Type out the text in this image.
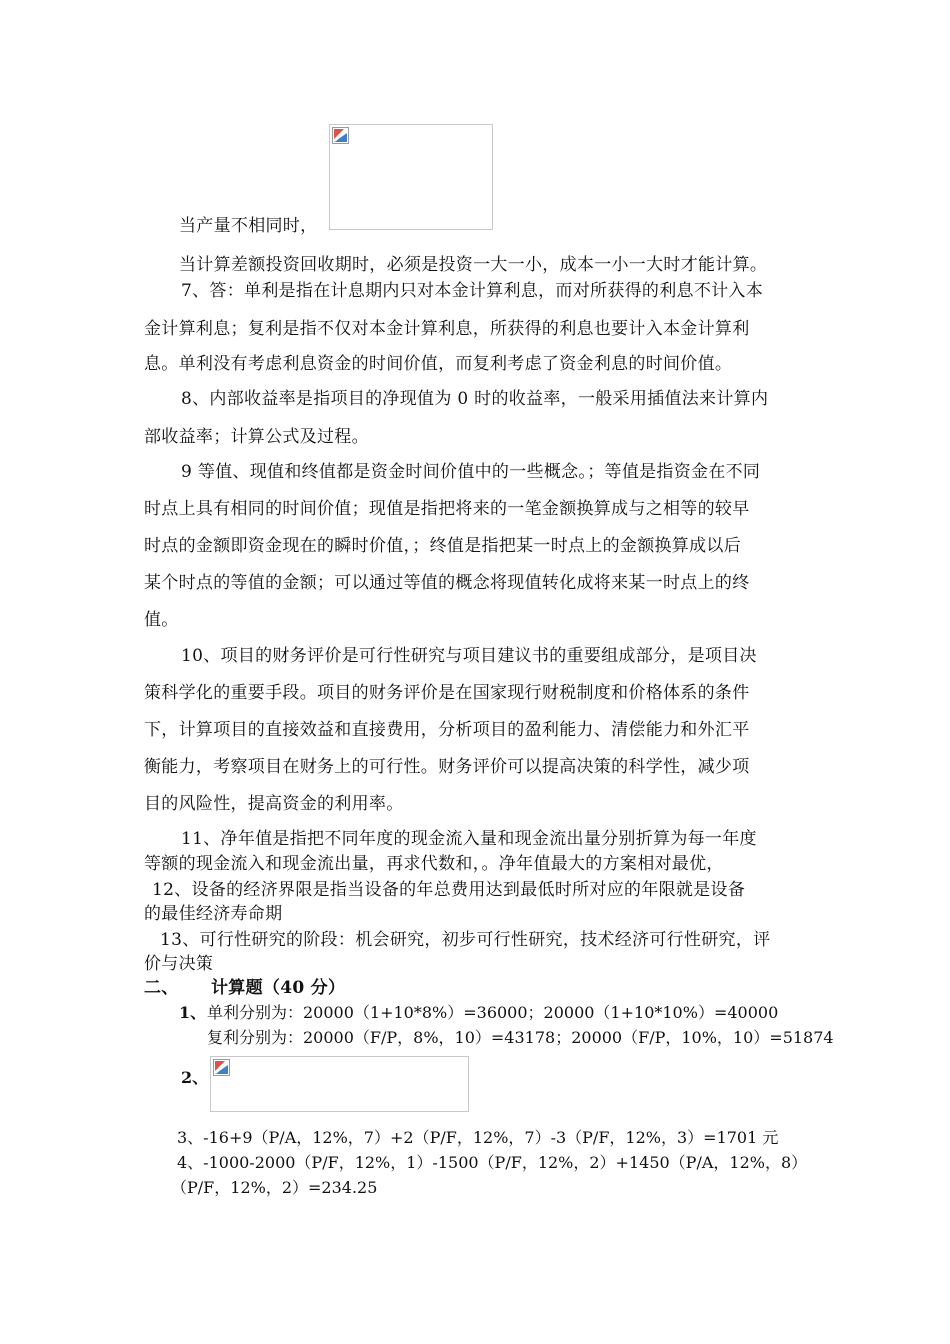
当产量不相同时，

当计算差额投资回收期时，必须是投资一大一小，成本一小一大时才能计算。

7、答：单利是指在计息期内只对本金计算利息，而对所获得的利息不计入本

金计算利息；复利是指不仅对本金计算利息，所获得的利息也要计入本金计算利

息。单利没有考虑利息资金的时间价值，而复利考虑了资金利息的时间价值。

8、内部收益率是指项目的净现值为 0 时的收益率，一般采用插值法来计算内

部收益率；计算公式及过程。

9 等值、现值和终值都是资金时间价值中的一些概念。；等值是指资金在不同

时点上具有相同的时间价值；现值是指把将来的一笔金额换算成与之相等的较早

时点的金额即资金现在的瞬时价值，；终值是指把某一时点上的金额换算成以后

某个时点的等值的金额；可以通过等值的概念将现值转化成将来某一时点上的终

值。

10、项目的财务评价是可行性研究与项目建议书的重要组成部分，是项目决

策科学化的重要手段。项目的财务评价是在国家现行财税制度和价格体系的条件

下，计算项目的直接效益和直接费用，分析项目的盈利能力、清偿能力和外汇平

衡能力，考察项目在财务上的可行性。财务评价可以提高决策的科学性，减少项

目的风险性，提高资金的利用率。

11、净年值是指把不同年度的现金流入量和现金流出量分别折算为每一年度

等额的现金流入和现金流出量，再求代数和，。净年值最大的方案相对最优，

12、设备的经济界限是指当设备的年总费用达到最低时所对应的年限就是设备

的最佳经济寿命期

13、可行性研究的阶段：机会研究，初步可行性研究，技术经济可行性研究，评

价与决策

二、 计算题（40 分）

1、 单利分别为：20000（1+10*8%）=36000；20000（1+10*10%）=40000

复利分别为：20000（F/P，8%，10）=43178；20000（F/P，10%，10）=51874

2、

3、-16+9（P/A，12%，7）+2（P/F，12%，7）-3（P/F，12%，3）=1701 元

4、-1000-2000（P/F，12%，1）-1500（P/F，12%，2）+1450（P/A，12%，8）

（P/F，12%，2）=234.25
